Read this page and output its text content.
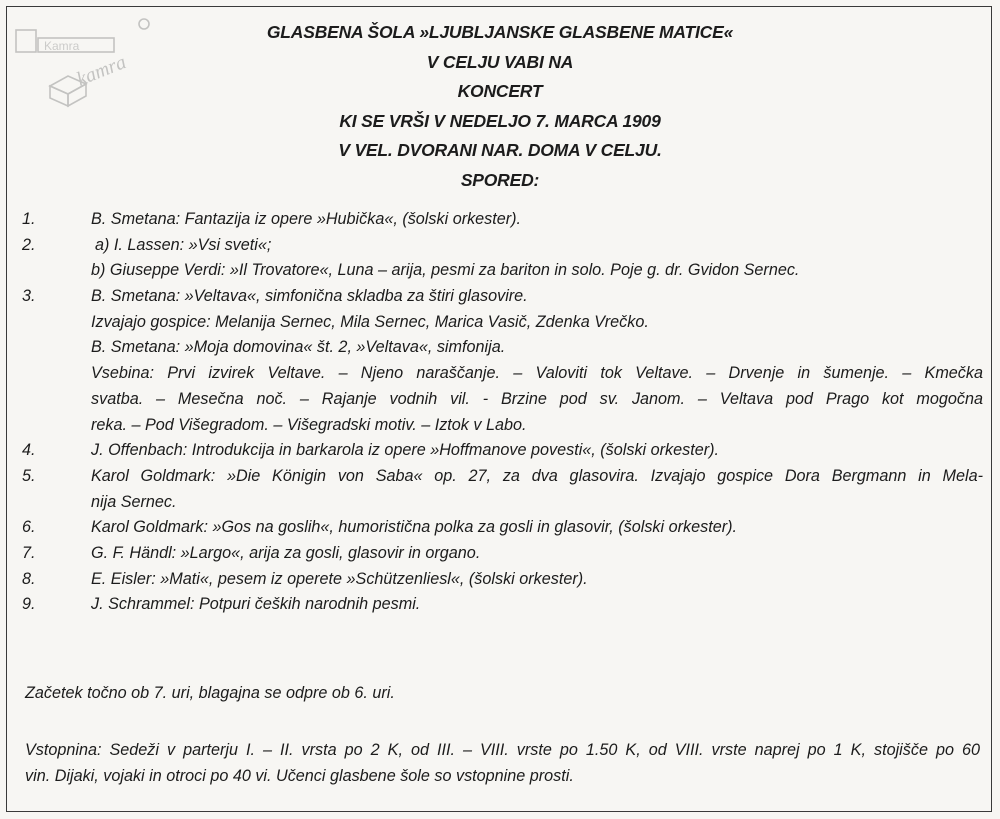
Kamra
kamra
GLASBENA ŠOLA »LJUBLJANSKE GLASBENE MATICE«
V CELJU VABI NA
KONCERT
KI SE VRŠI V NEDELJO 7. MARCA 1909
V VEL. DVORANI NAR. DOMA V CELJU.
SPORED:
1.	B. Smetana: Fantazija iz opere »Hubička«, (šolski orkester).
2.	a) I. Lassen: »Vsi sveti«;
b) Giuseppe Verdi: »Il Trovatore«, Luna – arija, pesmi za bariton in solo. Poje g. dr. Gvidon Sernec.
3.	B. Smetana: »Veltava«, simfonična skladba za štiri glasovire.
Izvajajo gospice: Melanija Sernec, Mila Sernec, Marica Vasič, Zdenka Vrečko.
B. Smetana: »Moja domovina« št. 2, »Veltava«, simfonija.
Vsebina: Prvi izvirek Veltave. – Njeno naraščanje. – Valoviti tok Veltave. – Drvenje in šumenje. – Kmečka
svatba. – Mesečna noč. – Rajanje vodnih vil. - Brzine pod sv. Janom. – Veltava pod Prago kot mogočna
reka. – Pod Višegradom. – Višegradski motiv. – Iztok v Labo.
4.	J. Offenbach: Introdukcija in barkarola iz opere »Hoffmanove povesti«, (šolski orkester).
5.	Karol Goldmark: »Die Königin von Saba« op. 27, za dva glasovira. Izvajajo gospice Dora Bergmann in Mela-
nija Sernec.
6.	Karol Goldmark: »Gos na goslih«, humoristična polka za gosli in glasovir, (šolski orkester).
7.	G. F. Händl: »Largo«, arija za gosli, glasovir in organo.
8.	E. Eisler: »Mati«, pesem iz operete »Schützenliesl«, (šolski orkester).
9.	J. Schrammel: Potpuri čeških narodnih pesmi.
Začetek točno ob 7. uri, blagajna se odpre ob 6. uri.
Vstopnina: Sedeži v parterju I. – II. vrsta po 2 K, od III. – VIII. vrste po 1.50 K, od VIII. vrste naprej po 1 K, stojišče po 60
vin. Dijaki, vojaki in otroci po 40 vi. Učenci glasbene šole so vstopnine prosti.
